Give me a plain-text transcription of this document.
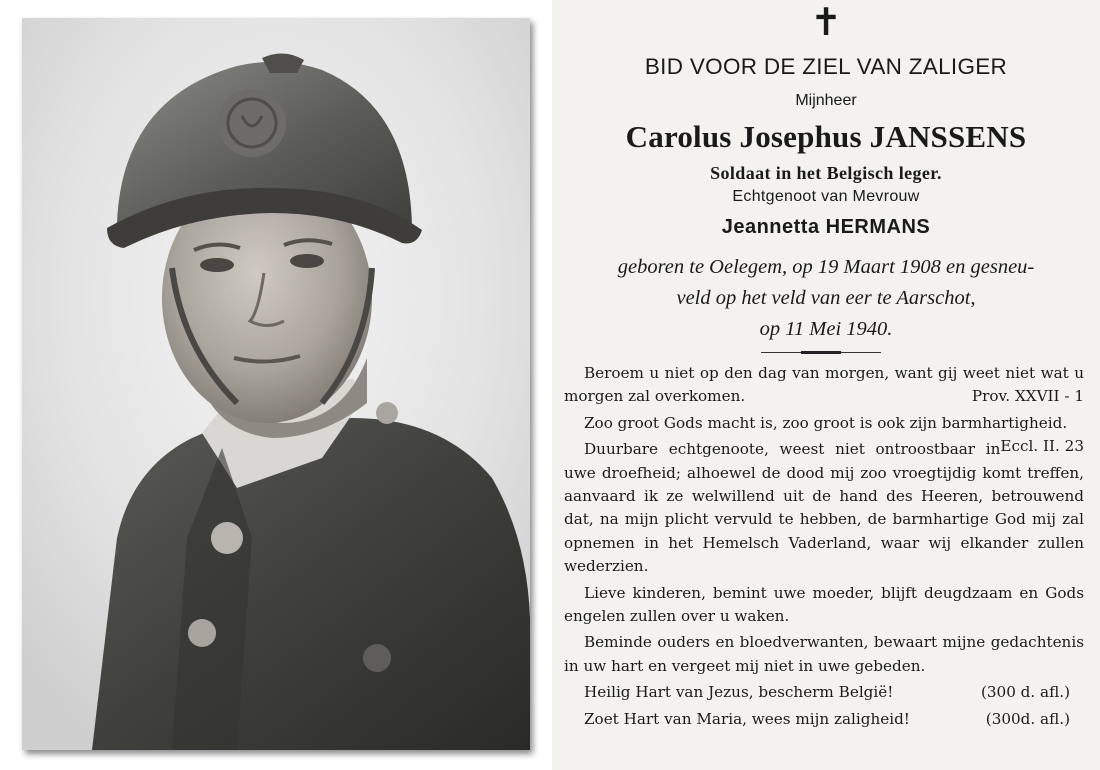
✝
BID VOOR DE ZIEL VAN ZALIGER
Mijnheer
Carolus Josephus JANSSENS
Soldaat in het Belgisch leger.
Echtgenoot van Mevrouw
Jeannetta HERMANS
geboren te Oelegem, op 19 Maart 1908 en gesneu-
veld op het veld van eer te Aarschot,
op 11 Mei 1940.

Beroem u niet op den dag van morgen, want gij weet niet wat u morgen zal overkomen.	Prov. XXVII - 1

Zoo groot Gods macht is, zoo groot is ook zijn barmhartigheid.
Eccl. II. 23

Duurbare echtgenoote, weest niet ontroostbaar in uwe droefheid; alhoewel de dood mij zoo vroegtijdig komt treffen, aanvaard ik ze welwillend uit de hand des Heeren, betrouwend dat, na mijn plicht vervuld te hebben, de barmhartige God mij zal opnemen in het Hemelsch Vaderland, waar wij elkander zullen wederzien.

Lieve kinderen, bemint uwe moeder, blijft deugdzaam en Gods engelen zullen over u waken.

Beminde ouders en bloedverwanten, bewaart mijne gedachtenis in uw hart en vergeet mij niet in uwe gebeden.

Heilig Hart van Jezus, bescherm België!	(300 d. afl.)

Zoet Hart van Maria, wees mijn zaligheid!	(300d. afl.)
